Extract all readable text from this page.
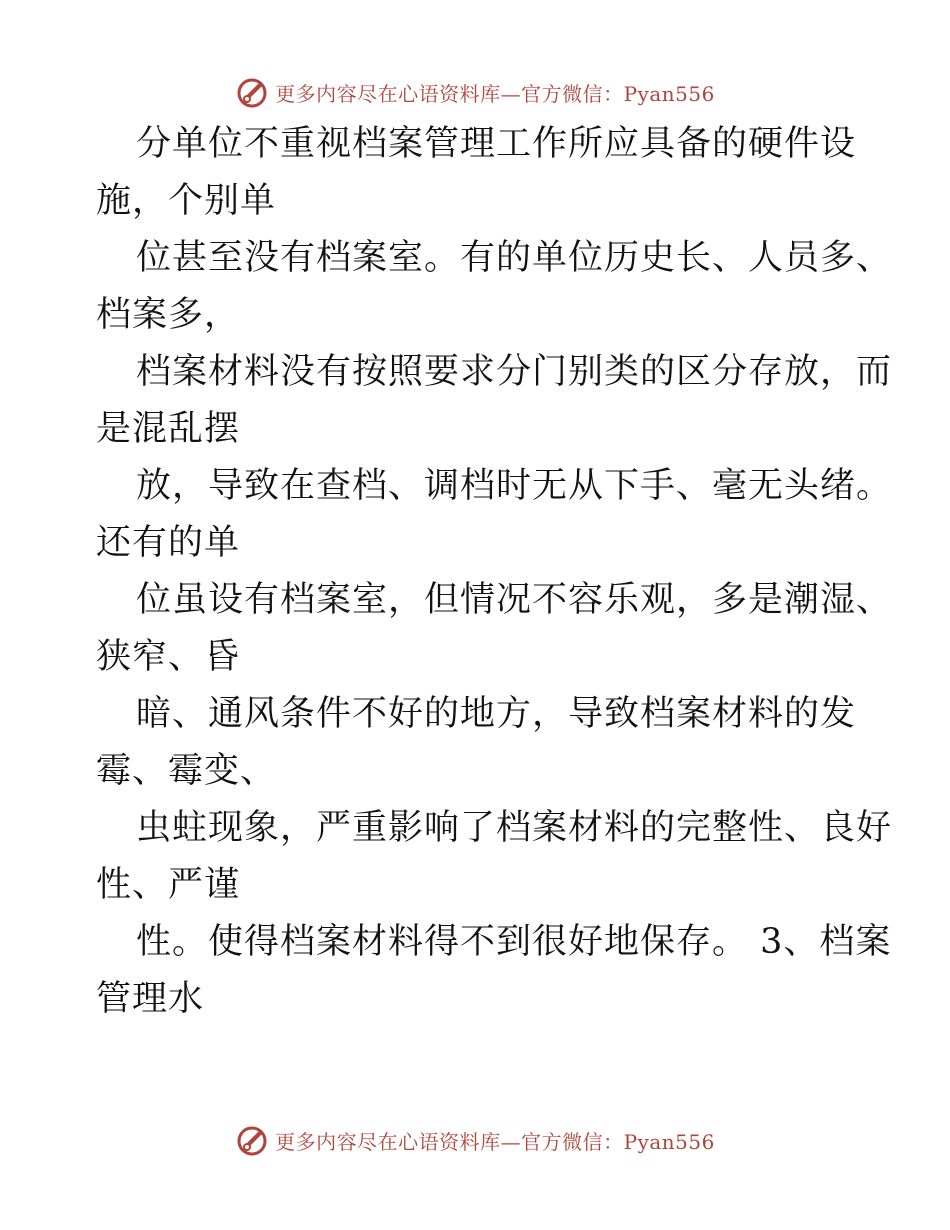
更多内容尽在心语资料库—官方微信：Pyan556

分单位不重视档案管理工作所应具备的硬件设
施，个别单

位甚至没有档案室。有的单位历史长、人员多、
档案多，

档案材料没有按照要求分门别类的区分存放，而
是混乱摆

放，导致在查档、调档时无从下手、毫无头绪。
还有的单

位虽设有档案室，但情况不容乐观，多是潮湿、
狭窄、昏

暗、通风条件不好的地方，导致档案材料的发
霉、霉变、

虫蛀现象，严重影响了档案材料的完整性、良好
性、严谨

性。使得档案材料得不到很好地保存。 3、档案
管理水

更多内容尽在心语资料库—官方微信：Pyan556
